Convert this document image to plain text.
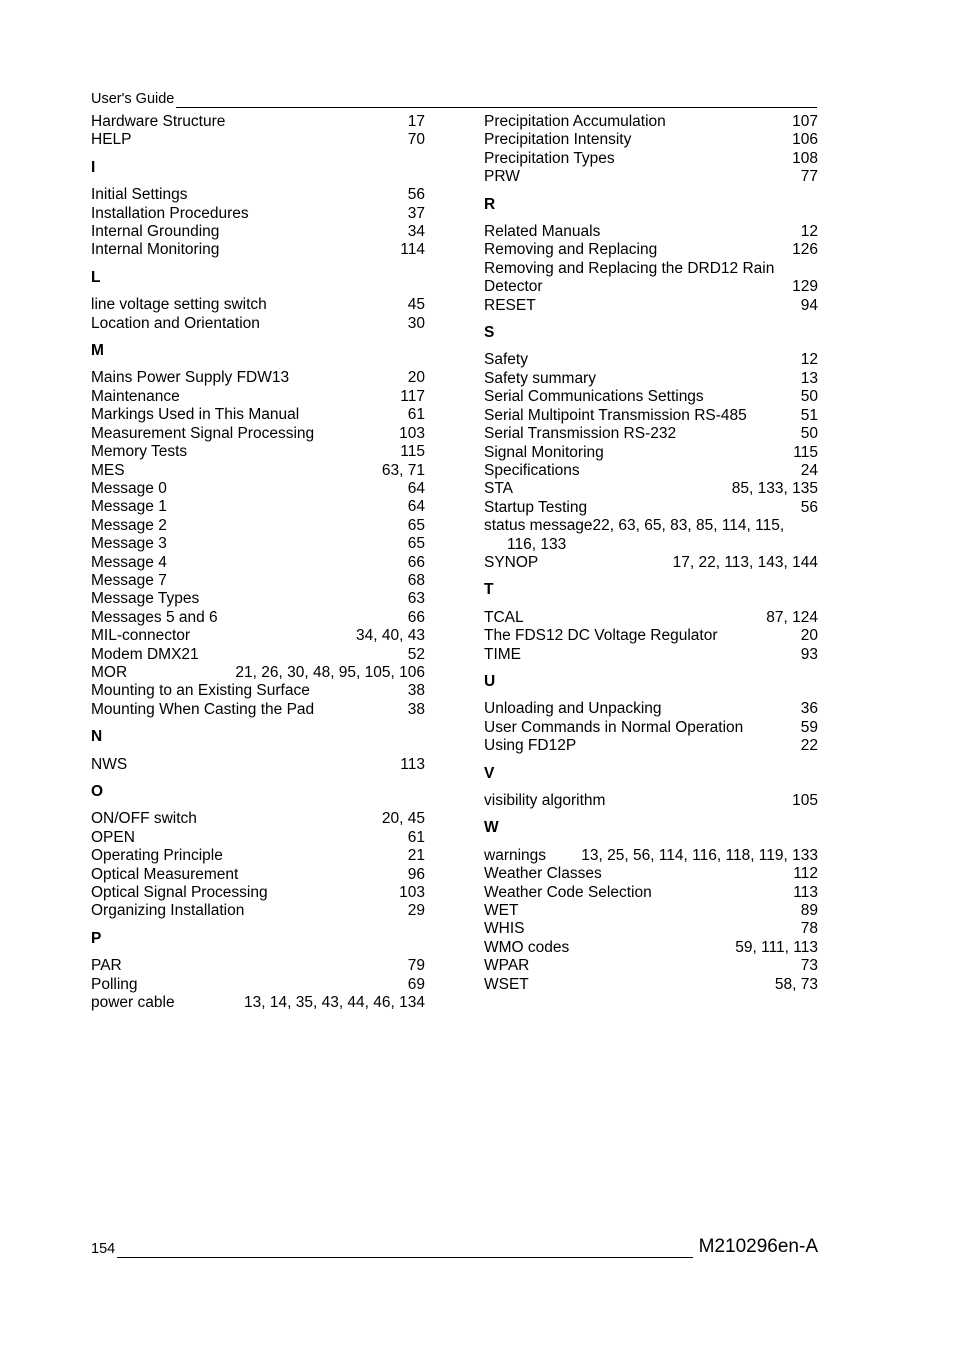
User's Guide
Hardware Structure	17
HELP	70
I
Initial Settings	56
Installation Procedures	37
Internal Grounding	34
Internal Monitoring	114
L
line voltage setting switch	45
Location and Orientation	30
M
Mains Power Supply FDW13	20
Maintenance	117
Markings Used in This Manual	61
Measurement Signal Processing	103
Memory Tests	115
MES	63, 71
Message 0	64
Message 1	64
Message 2	65
Message 3	65
Message 4	66
Message 7	68
Message Types	63
Messages 5 and 6	66
MIL-connector	34, 40, 43
Modem DMX21	52
MOR	21, 26, 30, 48, 95, 105, 106
Mounting to an Existing Surface	38
Mounting When Casting the Pad	38
N
NWS	113
O
ON/OFF switch	20, 45
OPEN	61
Operating Principle	21
Optical Measurement	96
Optical Signal Processing	103
Organizing Installation	29
P
PAR	79
Polling	69
power cable	13, 14, 35, 43, 44, 46, 134
Precipitation Accumulation	107
Precipitation Intensity	106
Precipitation Types	108
PRW	77
R
Related Manuals	12
Removing and Replacing	126
Removing and Replacing the DRD12 Rain
Detector	129
RESET	94
S
Safety	12
Safety summary	13
Serial Communications Settings	50
Serial Multipoint Transmission RS-485	51
Serial Transmission RS-232	50
Signal Monitoring	115
Specifications	24
STA	85, 133, 135
Startup Testing	56
status message22, 63, 65, 83, 85, 114, 115,
116, 133
SYNOP	17, 22, 113, 143, 144
T
TCAL	87, 124
The FDS12 DC Voltage Regulator	20
TIME	93
U
Unloading and Unpacking	36
User Commands in Normal Operation	59
Using FD12P	22
V
visibility algorithm	105
W
warnings 13, 25, 56, 114, 116, 118, 119, 133
Weather Classes	112
Weather Code Selection	113
WET	89
WHIS	78
WMO codes	59, 111, 113
WPAR	73
WSET	58, 73
154	M210296en-A
